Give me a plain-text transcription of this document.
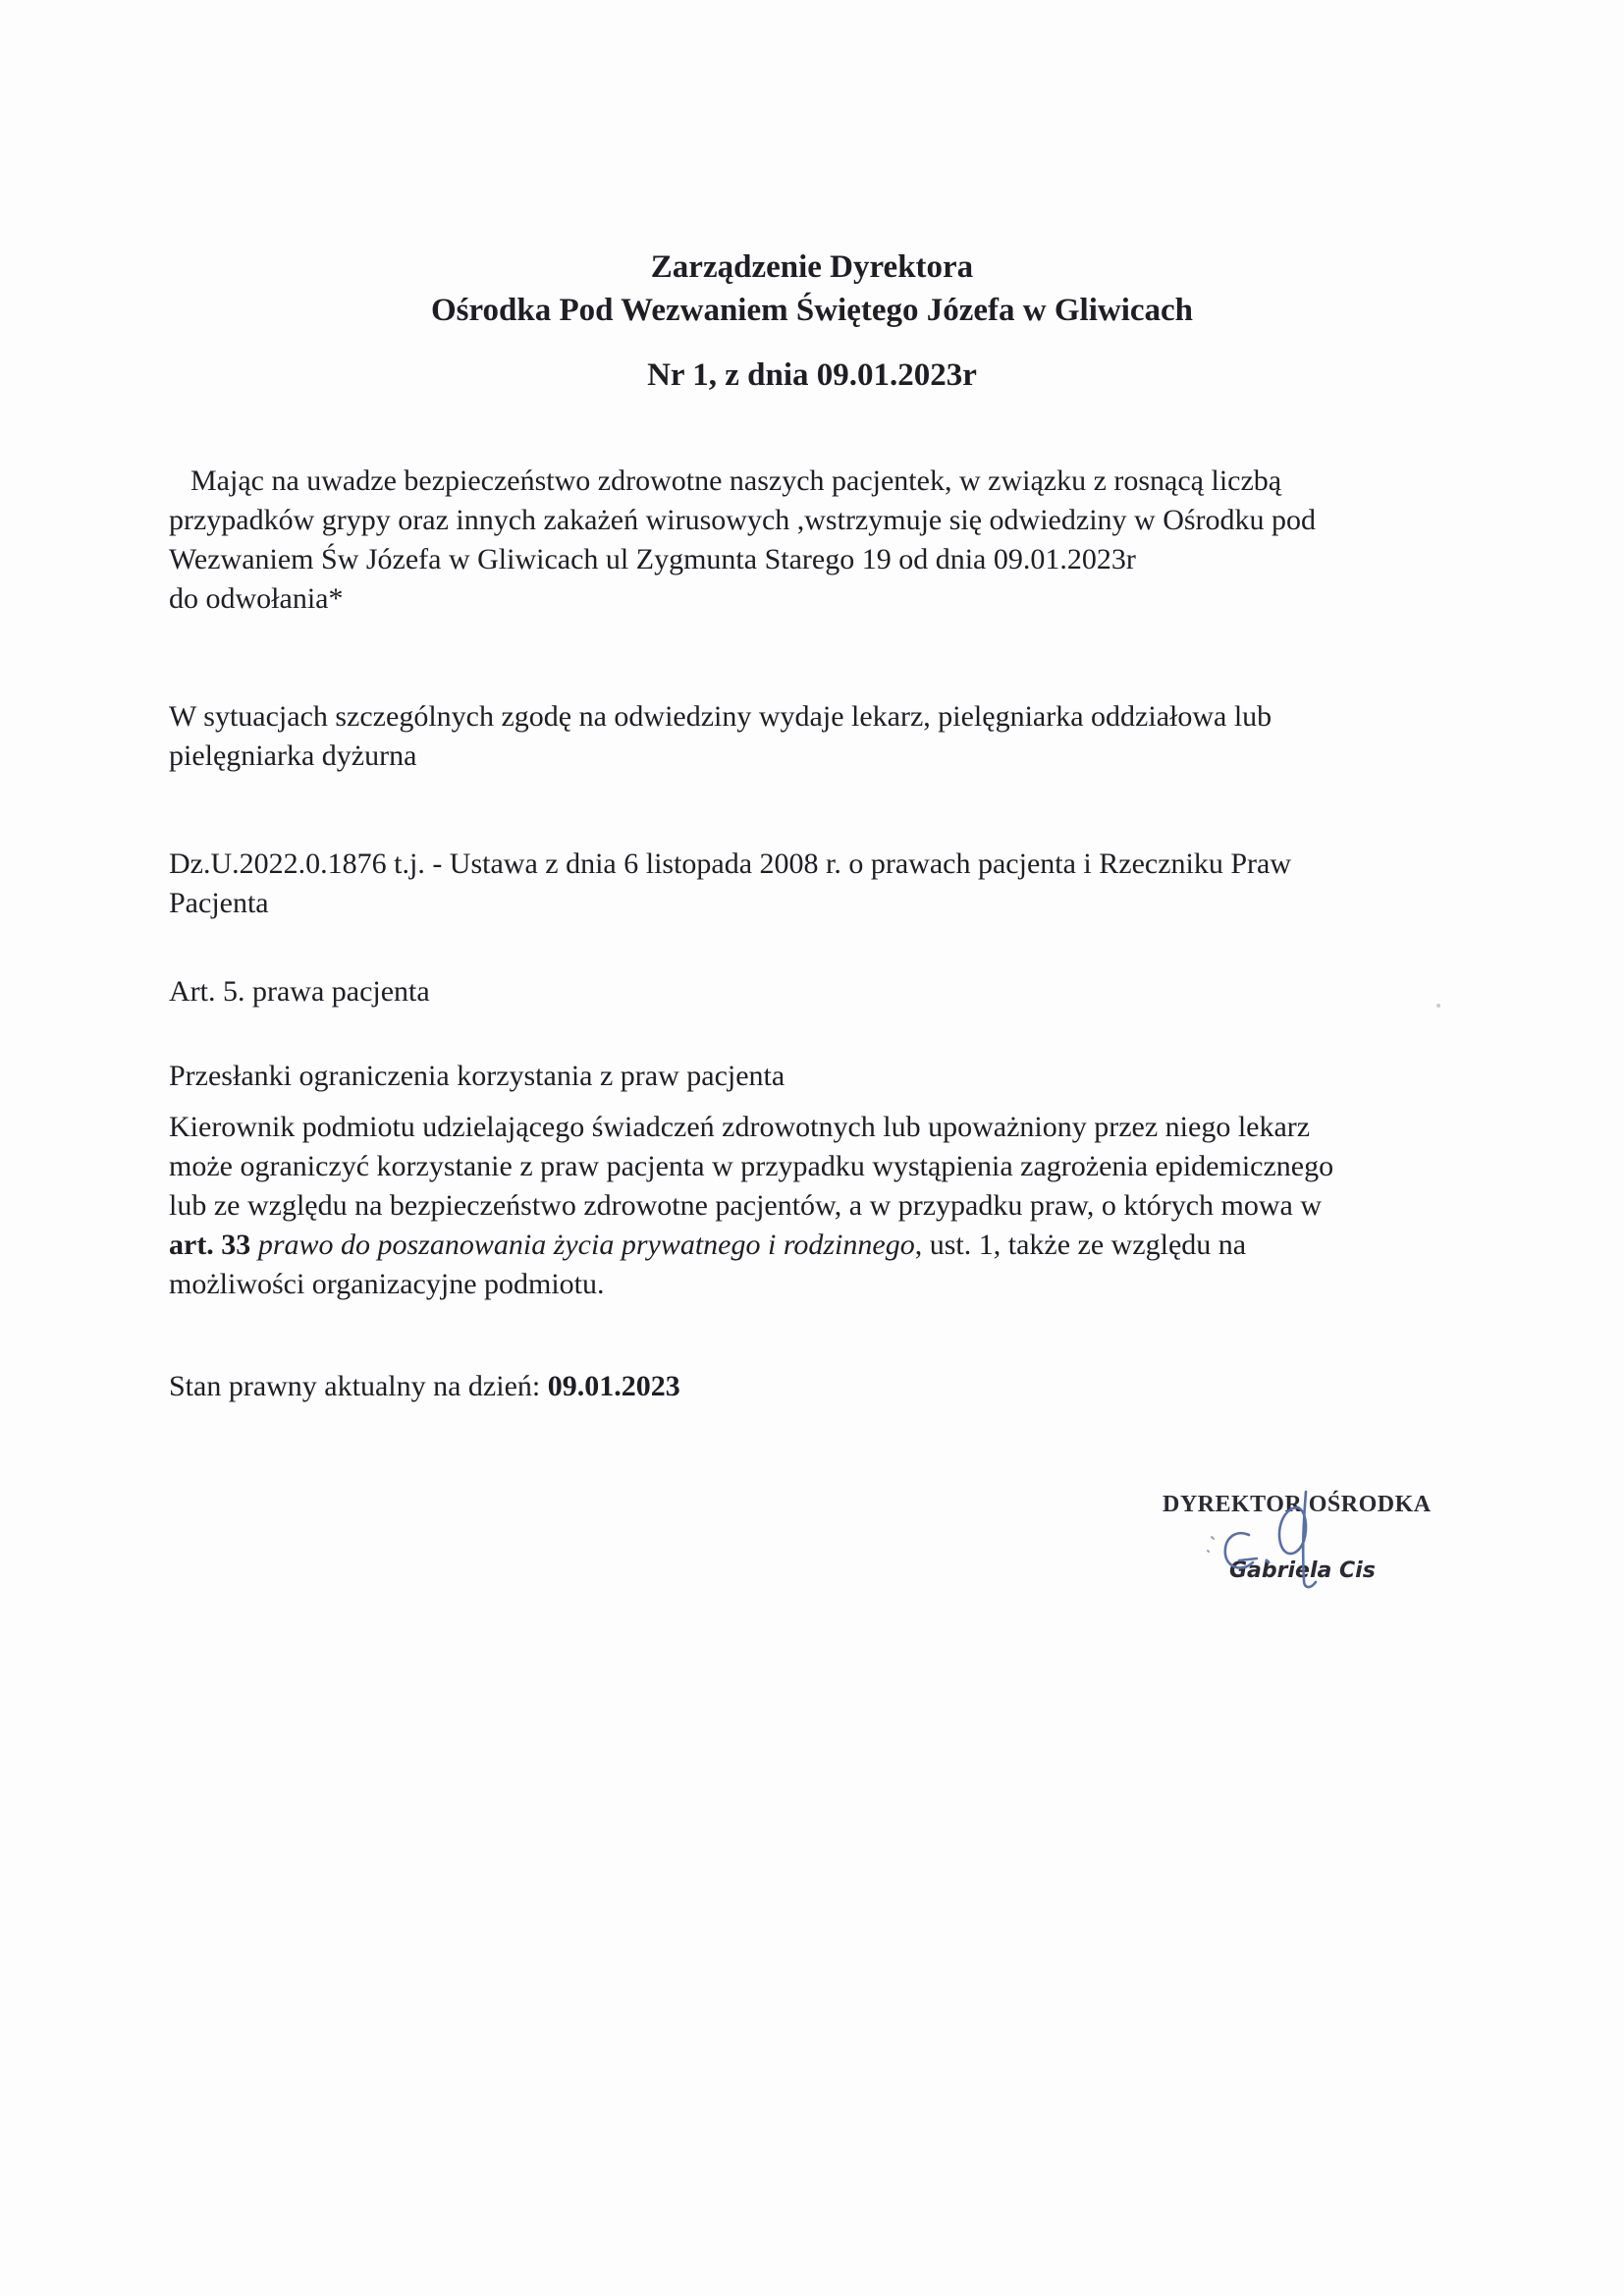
Zarządzenie Dyrektora
Ośrodka Pod Wezwaniem Świętego Józefa w Gliwicach
Nr 1, z dnia 09.01.2023r
Mając na uwadze bezpieczeństwo zdrowotne naszych pacjentek, w związku z rosnącą liczbą
przypadków grypy oraz innych zakażeń wirusowych ,wstrzymuje się odwiedziny w Ośrodku pod
Wezwaniem Św Józefa w Gliwicach ul Zygmunta Starego 19 od dnia 09.01.2023r
do odwołania*
W sytuacjach szczególnych zgodę na odwiedziny wydaje lekarz, pielęgniarka oddziałowa lub
pielęgniarka dyżurna
Dz.U.2022.0.1876 t.j. - Ustawa z dnia 6 listopada 2008 r. o prawach pacjenta i Rzeczniku Praw
Pacjenta
Art. 5. prawa pacjenta
Przesłanki ograniczenia korzystania z praw pacjenta
Kierownik podmiotu udzielającego świadczeń zdrowotnych lub upoważniony przez niego lekarz
może ograniczyć korzystanie z praw pacjenta w przypadku wystąpienia zagrożenia epidemicznego
lub ze względu na bezpieczeństwo zdrowotne pacjentów, a w przypadku praw, o których mowa w
art. 33 prawo do poszanowania życia prywatnego i rodzinnego, ust. 1, także ze względu na
możliwości organizacyjne podmiotu.
Stan prawny aktualny na dzień: 09.01.2023
DYREKTOR OŚRODKA
Gabriela Cis
